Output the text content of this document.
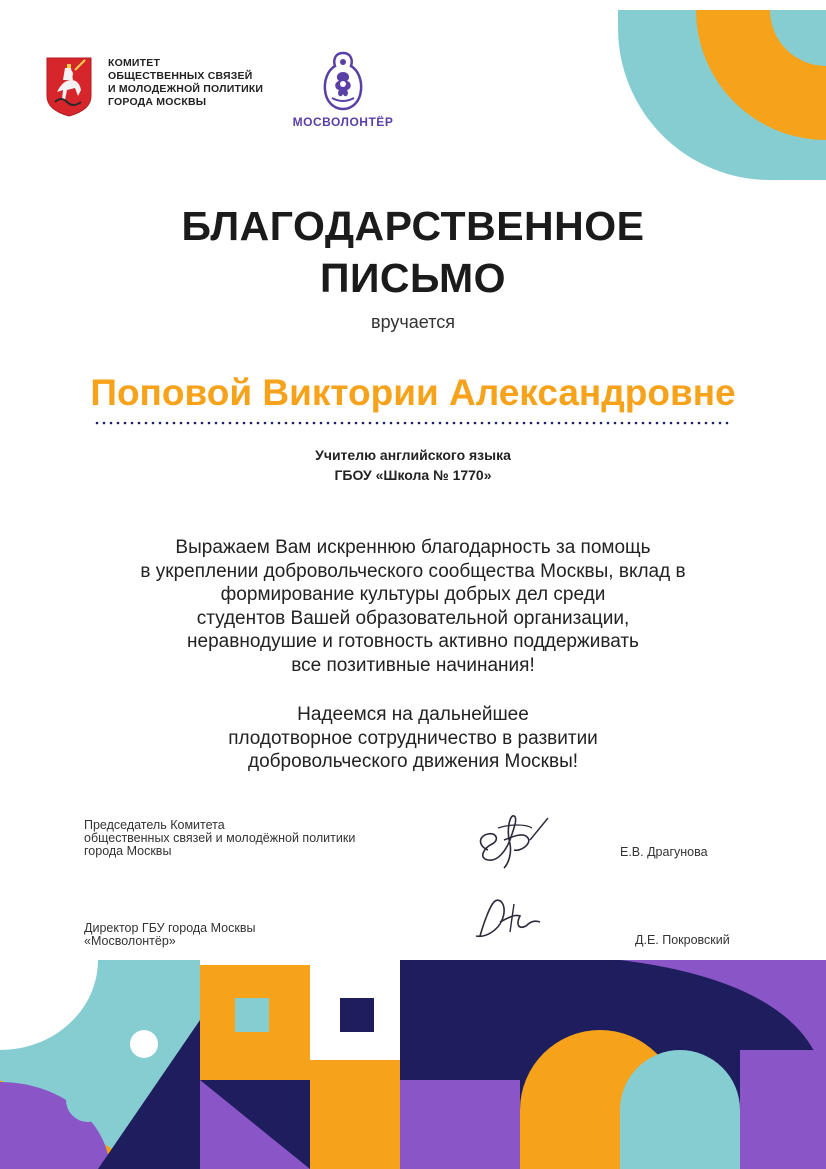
КОМИТЕТ
ОБЩЕСТВЕННЫХ СВЯЗЕЙ
И МОЛОДЕЖНОЙ ПОЛИТИКИ
ГОРОДА МОСКВЫ
МОСВОЛОНТЁР
БЛАГОДАРСТВЕННОЕ
ПИСЬМО
вручается
Поповой Виктории Александровне
Учителю английского языка
ГБОУ «Школа № 1770»
Выражаем Вам искреннюю благодарность за помощь
в укреплении добровольческого сообщества Москвы, вклад в
формирование культуры добрых дел среди
студентов Вашей образовательной организации,
неравнодушие и готовность активно поддерживать
все позитивные начинания!
Надеемся на дальнейшее
плодотворное сотрудничество в развитии
добровольческого движения Москвы!
Председатель Комитета
общественных связей и молодёжной политики
города Москвы	Е.В. Драгунова
Директор ГБУ города Москвы
«Мосволонтёр»	Д.Е. Покровский
